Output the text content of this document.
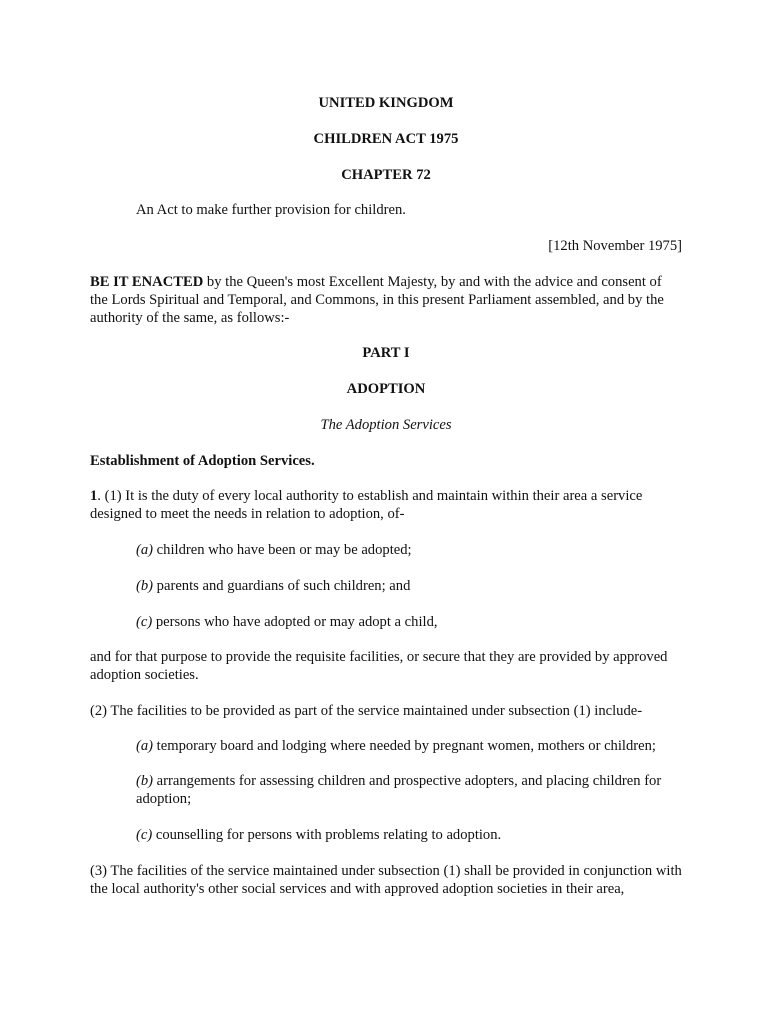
UNITED KINGDOM

CHILDREN ACT 1975

CHAPTER 72

An Act to make further provision for children.

[12th November 1975]

BE IT ENACTED by the Queen's most Excellent Majesty, by and with the advice and consent of the Lords Spiritual and Temporal, and Commons, in this present Parliament assembled, and by the authority of the same, as follows:-

PART I

ADOPTION

The Adoption Services

Establishment of Adoption Services.

1. (1) It is the duty of every local authority to establish and maintain within their area a service designed to meet the needs in relation to adoption, of-

(a) children who have been or may be adopted;

(b) parents and guardians of such children; and

(c) persons who have adopted or may adopt a child,

and for that purpose to provide the requisite facilities, or secure that they are provided by approved adoption societies.

(2) The facilities to be provided as part of the service maintained under subsection (1) include-

(a) temporary board and lodging where needed by pregnant women, mothers or children;

(b) arrangements for assessing children and prospective adopters, and placing children for adoption;

(c) counselling for persons with problems relating to adoption.

(3) The facilities of the service maintained under subsection (1) shall be provided in conjunction with the local authority's other social services and with approved adoption societies in their area,
